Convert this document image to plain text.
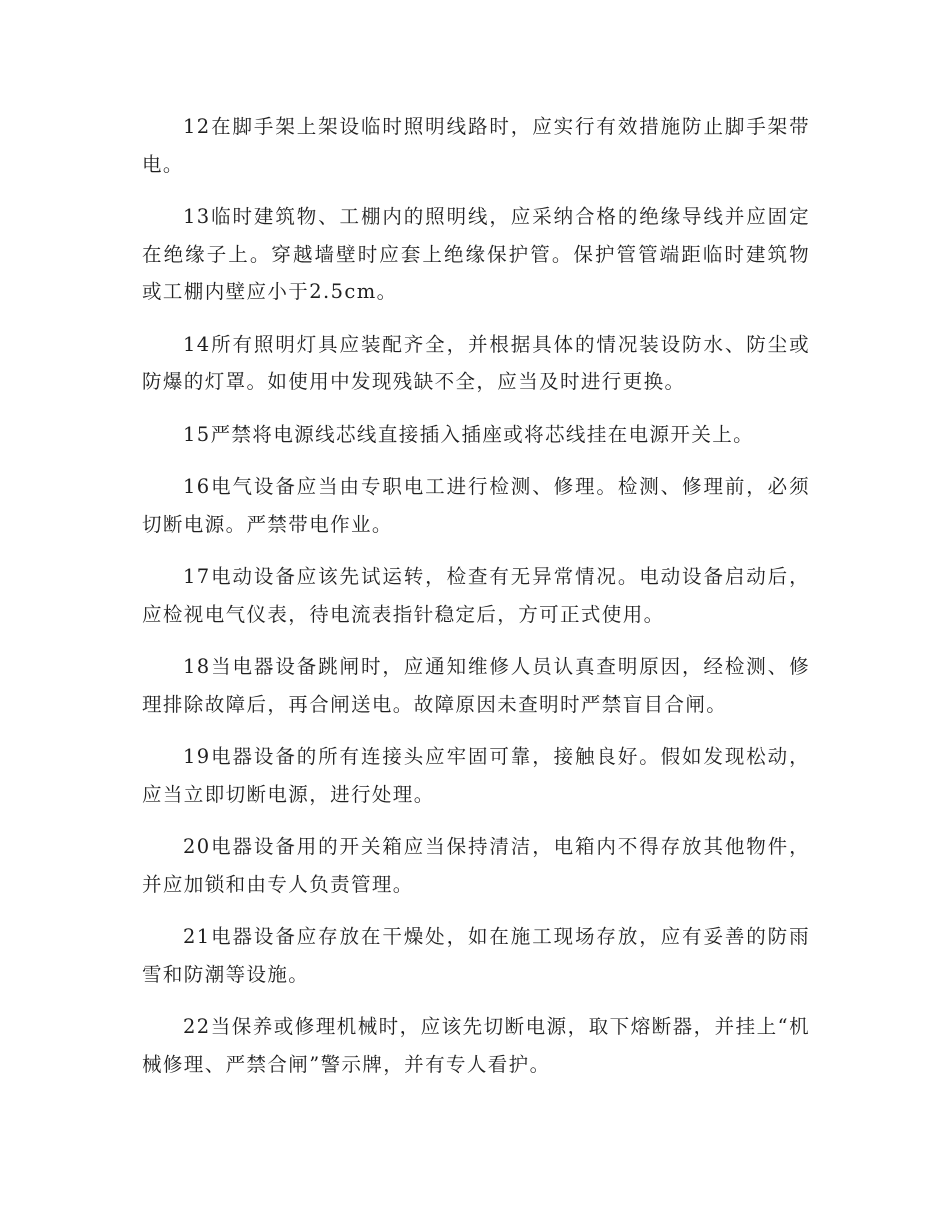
12在脚手架上架设临时照明线路时，应实行有效措施防止脚手架带电。

13临时建筑物、工棚内的照明线，应采纳合格的绝缘导线并应固定在绝缘子上。穿越墙壁时应套上绝缘保护管。保护管管端距临时建筑物或工棚内壁应小于2.5cm。

14所有照明灯具应装配齐全，并根据具体的情况装设防水、防尘或防爆的灯罩。如使用中发现残缺不全，应当及时进行更换。

15严禁将电源线芯线直接插入插座或将芯线挂在电源开关上。

16电气设备应当由专职电工进行检测、修理。检测、修理前，必须切断电源。严禁带电作业。

17电动设备应该先试运转，检查有无异常情况。电动设备启动后，应检视电气仪表，待电流表指针稳定后，方可正式使用。

18当电器设备跳闸时，应通知维修人员认真查明原因，经检测、修理排除故障后，再合闸送电。故障原因未查明时严禁盲目合闸。

19电器设备的所有连接头应牢固可靠，接触良好。假如发现松动，应当立即切断电源，进行处理。

20电器设备用的开关箱应当保持清洁，电箱内不得存放其他物件，并应加锁和由专人负责管理。

21电器设备应存放在干燥处，如在施工现场存放，应有妥善的防雨雪和防潮等设施。

22当保养或修理机械时，应该先切断电源，取下熔断器，并挂上“机械修理、严禁合闸”警示牌，并有专人看护。
